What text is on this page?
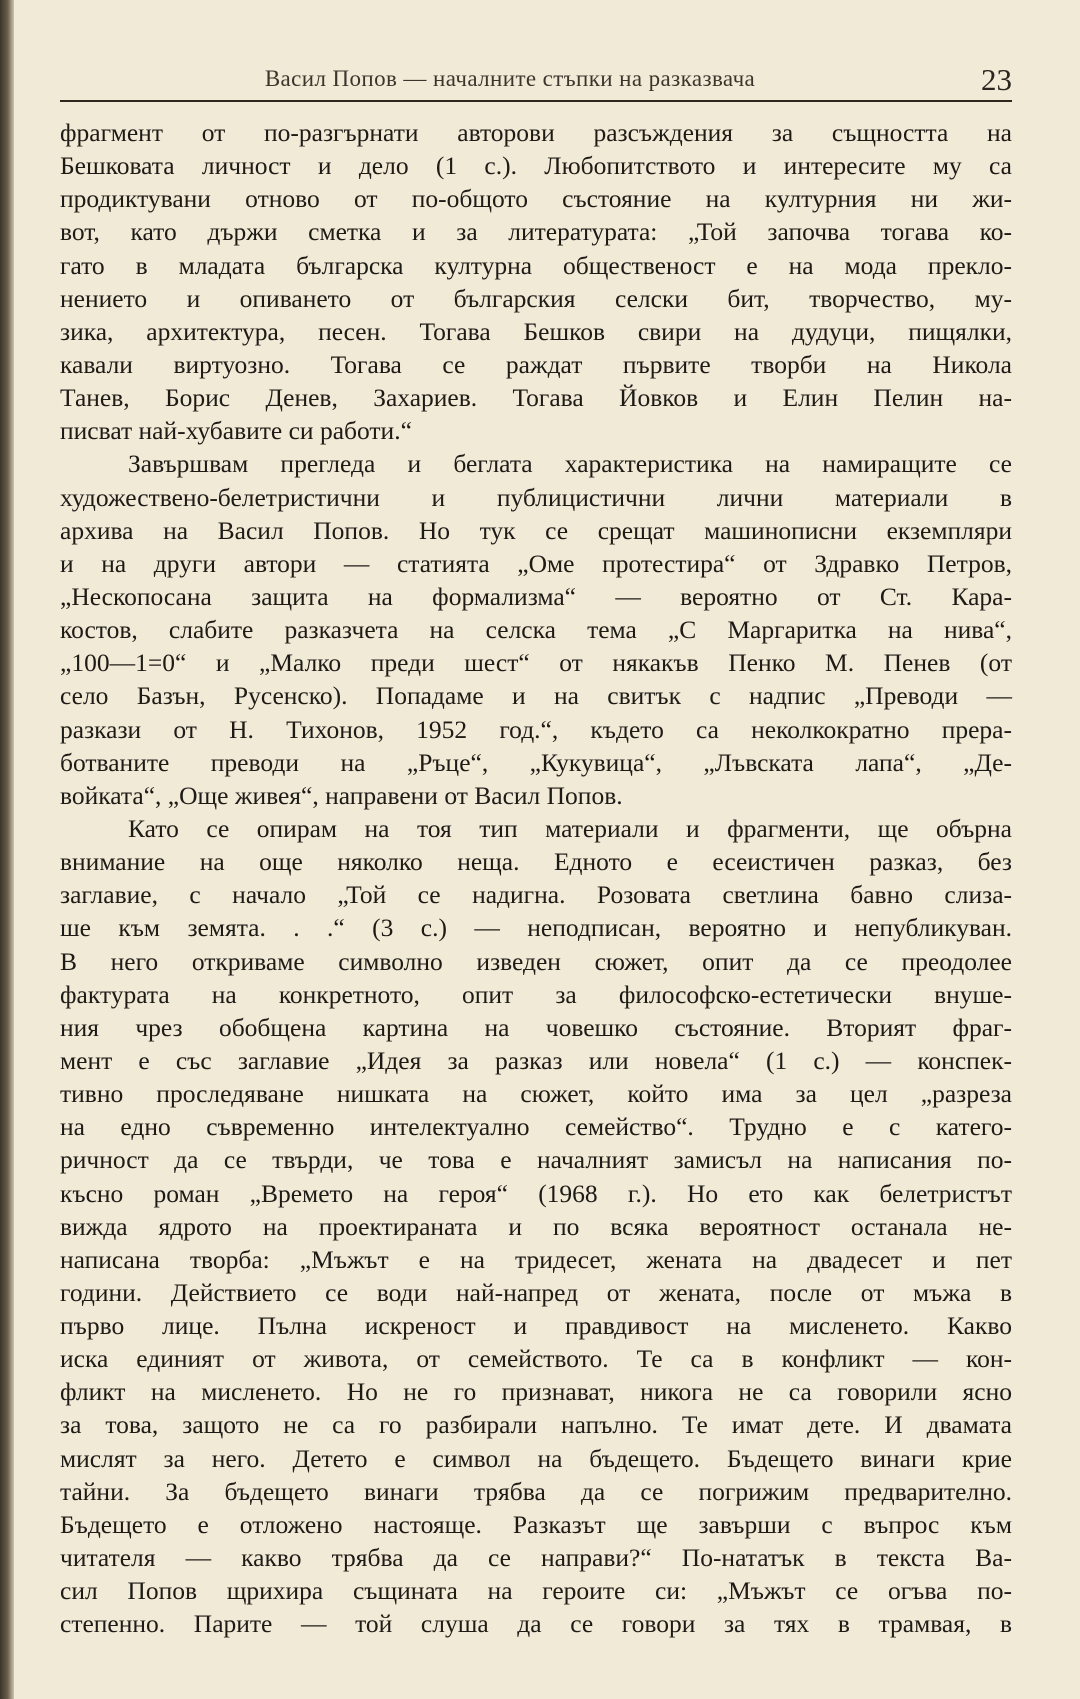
Васил Попов — началните стъпки на разказвача	23
фрагмент от по-разгърнати авторови разсъждения за същността на
Бешковата личност и дело (1 с.). Любопитството и интересите му са
продиктувани отново от по-общото състояние на културния ни жи-
вот, като държи сметка и за литературата: „Той започва тогава ко-
гато в младата българска културна общественост е на мода прекло-
нението и опиването от българския селски бит, творчество, му-
зика, архитектура, песен. Тогава Бешков свири на дудуци, пищялки,
кавали виртуозно. Тогава се раждат първите творби на Никола
Танев, Борис Денев, Захариев. Тогава Йовков и Елин Пелин на-
писват най-хубавите си работи.“
Завършвам прегледа и беглата характеристика на намиращите се
художествено-белетристични и публицистични лични материали в
архива на Васил Попов. Но тук се срещат машинописни екземпляри
и на други автори — статията „Оме протестира“ от Здравко Петров,
„Нескопосана защита на формализма“ — вероятно от Ст. Кара-
костов, слабите разказчета на селска тема „С Маргаритка на нива“,
„100—1=0“ и „Малко преди шест“ от някакъв Пенко М. Пенев (от
село Базън, Русенско). Попадаме и на свитък с надпис „Преводи —
разкази от Н. Тихонов, 1952 год.“, където са неколкократно прера-
ботваните преводи на „Ръце“, „Кукувица“, „Лъвската лапа“, „Де-
войката“, „Още живея“, направени от Васил Попов.
Като се опирам на тоя тип материали и фрагменти, ще обърна
внимание на още няколко неща. Едното е есеистичен разказ, без
заглавие, с начало „Той се надигна. Розовата светлина бавно слиза-
ше към земята. . .“ (3 с.) — неподписан, вероятно и непубликуван.
В него откриваме символно изведен сюжет, опит да се преодолее
фактурата на конкретното, опит за философско-естетически внуше-
ния чрез обобщена картина на човешко състояние. Вторият фраг-
мент е със заглавие „Идея за разказ или новела“ (1 с.) — конспек-
тивно проследяване нишката на сюжет, който има за цел „разреза
на едно съвременно интелектуално семейство“. Трудно е с катего-
ричност да се твърди, че това е началният замисъл на написания по-
късно роман „Времето на героя“ (1968 г.). Но ето как белетристът
вижда ядрото на проектираната и по всяка вероятност останала не-
написана творба: „Мъжът е на тридесет, жената на двадесет и пет
години. Действието се води най-напред от жената, после от мъжа в
първо лице. Пълна искреност и правдивост на мисленето. Какво
иска единият от живота, от семейството. Те са в конфликт — кон-
фликт на мисленето. Но не го признават, никога не са говорили ясно
за това, защото не са го разбирали напълно. Те имат дете. И двамата
мислят за него. Детето е символ на бъдещето. Бъдещето винаги крие
тайни. За бъдещето винаги трябва да се погрижим предварително.
Бъдещето е отложено настояще. Разказът ще завърши с въпрос към
читателя — какво трябва да се направи?“ По-нататък в текста Ва-
сил Попов щрихира същината на героите си: „Мъжът се огъва по-
степенно. Парите — той слуша да се говори за тях в трамвая, в
